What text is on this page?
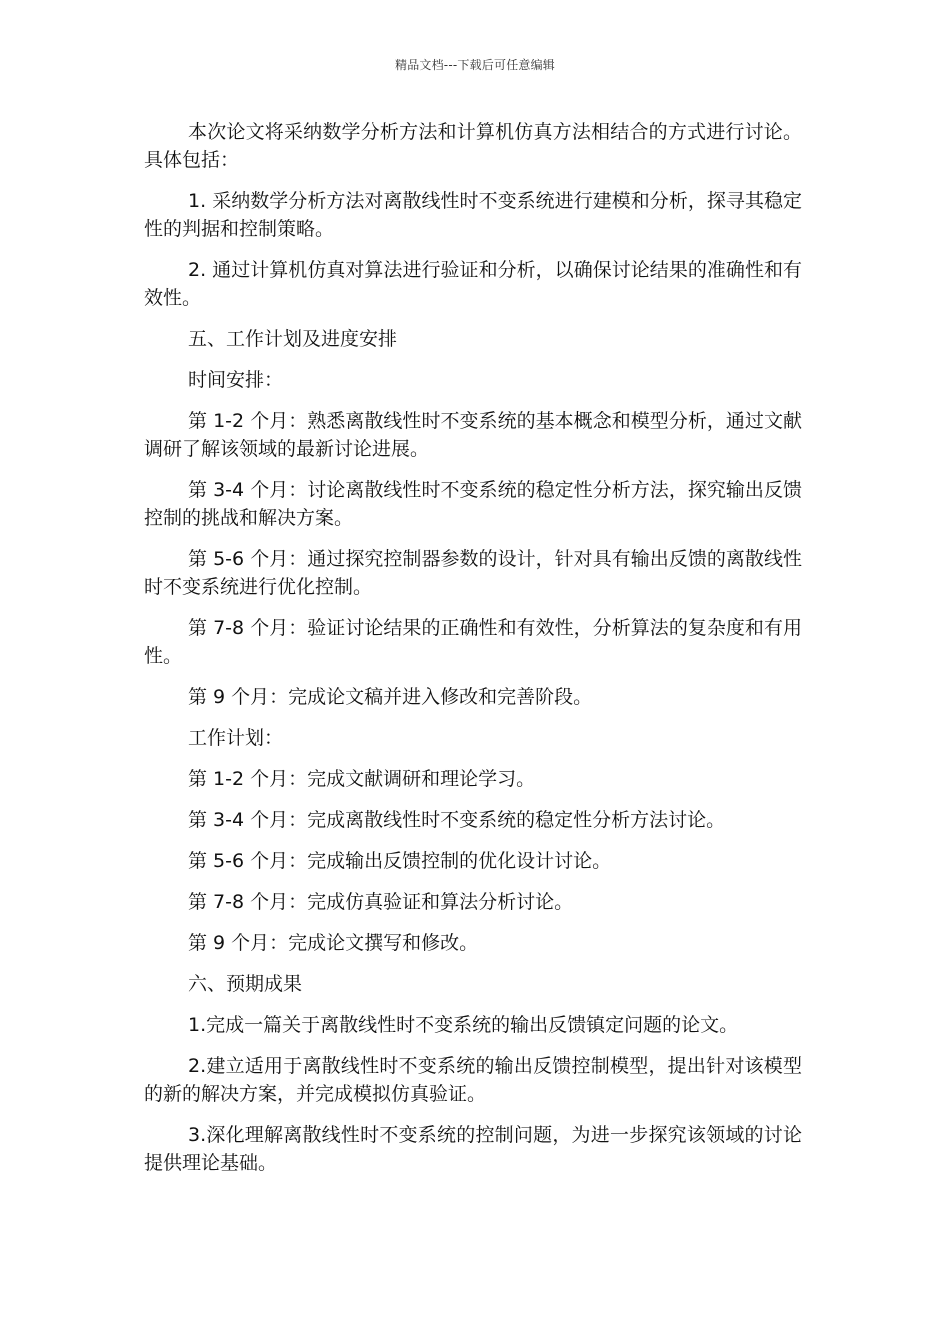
精品文档---下载后可任意编辑

本次论文将采纳数学分析方法和计算机仿真方法相结合的方式进行讨论。具体包括：

1. 采纳数学分析方法对离散线性时不变系统进行建模和分析，探寻其稳定性的判据和控制策略。

2. 通过计算机仿真对算法进行验证和分析，以确保讨论结果的准确性和有效性。

五、工作计划及进度安排

时间安排：

第 1-2 个月：熟悉离散线性时不变系统的基本概念和模型分析，通过文献调研了解该领域的最新讨论进展。

第 3-4 个月：讨论离散线性时不变系统的稳定性分析方法，探究输出反馈控制的挑战和解决方案。

第 5-6 个月：通过探究控制器参数的设计，针对具有输出反馈的离散线性时不变系统进行优化控制。

第 7-8 个月：验证讨论结果的正确性和有效性，分析算法的复杂度和有用性。

第 9 个月：完成论文稿并进入修改和完善阶段。

工作计划：

第 1-2 个月：完成文献调研和理论学习。

第 3-4 个月：完成离散线性时不变系统的稳定性分析方法讨论。

第 5-6 个月：完成输出反馈控制的优化设计讨论。

第 7-8 个月：完成仿真验证和算法分析讨论。

第 9 个月：完成论文撰写和修改。

六、预期成果

1.完成一篇关于离散线性时不变系统的输出反馈镇定问题的论文。

2.建立适用于离散线性时不变系统的输出反馈控制模型，提出针对该模型的新的解决方案，并完成模拟仿真验证。

3.深化理解离散线性时不变系统的控制问题，为进一步探究该领域的讨论提供理论基础。
